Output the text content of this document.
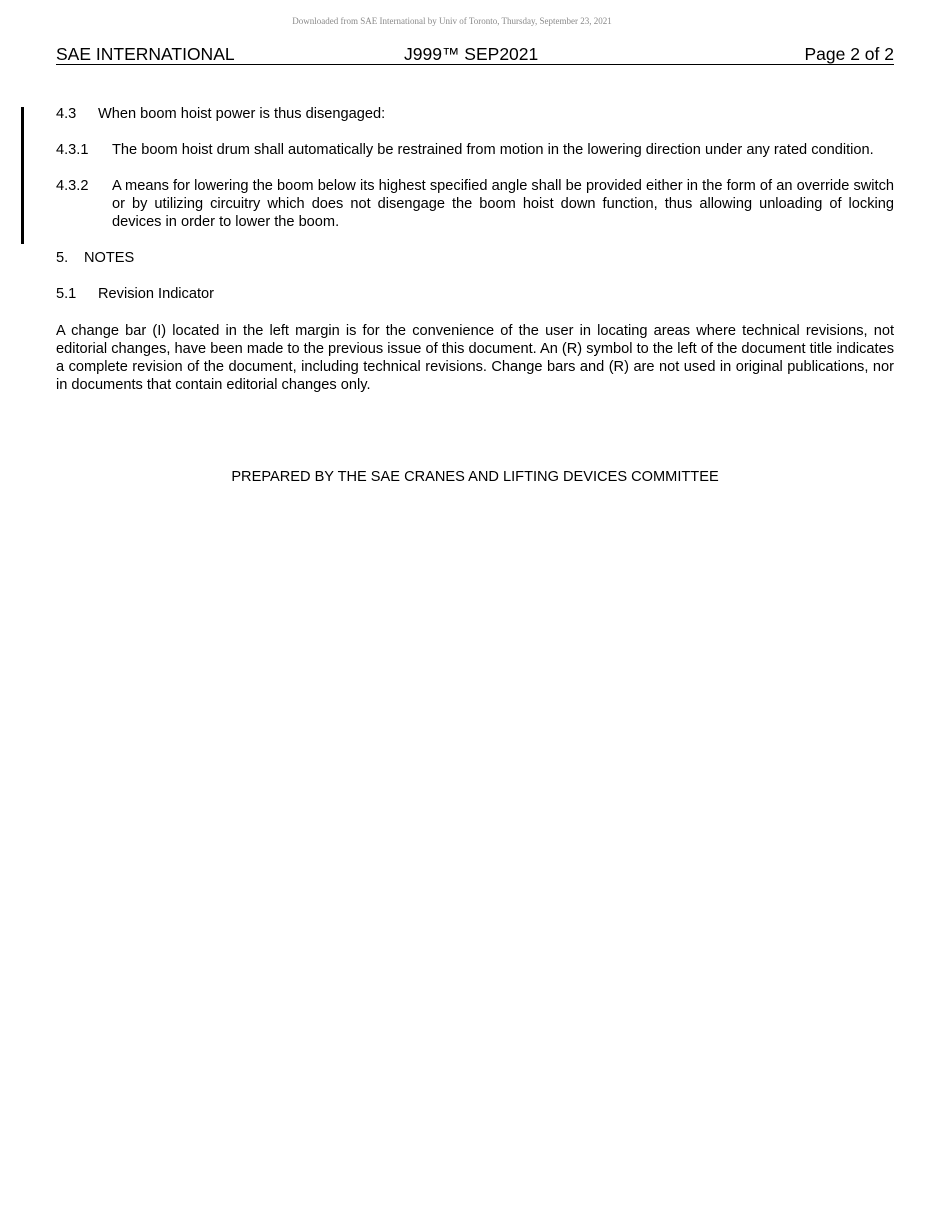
Downloaded from SAE International by Univ of Toronto, Thursday, September 23, 2021
SAE INTERNATIONAL	J999™ SEP2021	Page 2 of 2
4.3	When boom hoist power is thus disengaged:
4.3.1	The boom hoist drum shall automatically be restrained from motion in the lowering direction under any rated condition.
4.3.2	A means for lowering the boom below its highest specified angle shall be provided either in the form of an override switch or by utilizing circuitry which does not disengage the boom hoist down function, thus allowing unloading of locking devices in order to lower the boom.
5.	NOTES
5.1	Revision Indicator

A change bar (I) located in the left margin is for the convenience of the user in locating areas where technical revisions, not editorial changes, have been made to the previous issue of this document. An (R) symbol to the left of the document title indicates a complete revision of the document, including technical revisions. Change bars and (R) are not used in original publications, nor in documents that contain editorial changes only.

PREPARED BY THE SAE CRANES AND LIFTING DEVICES COMMITTEE
